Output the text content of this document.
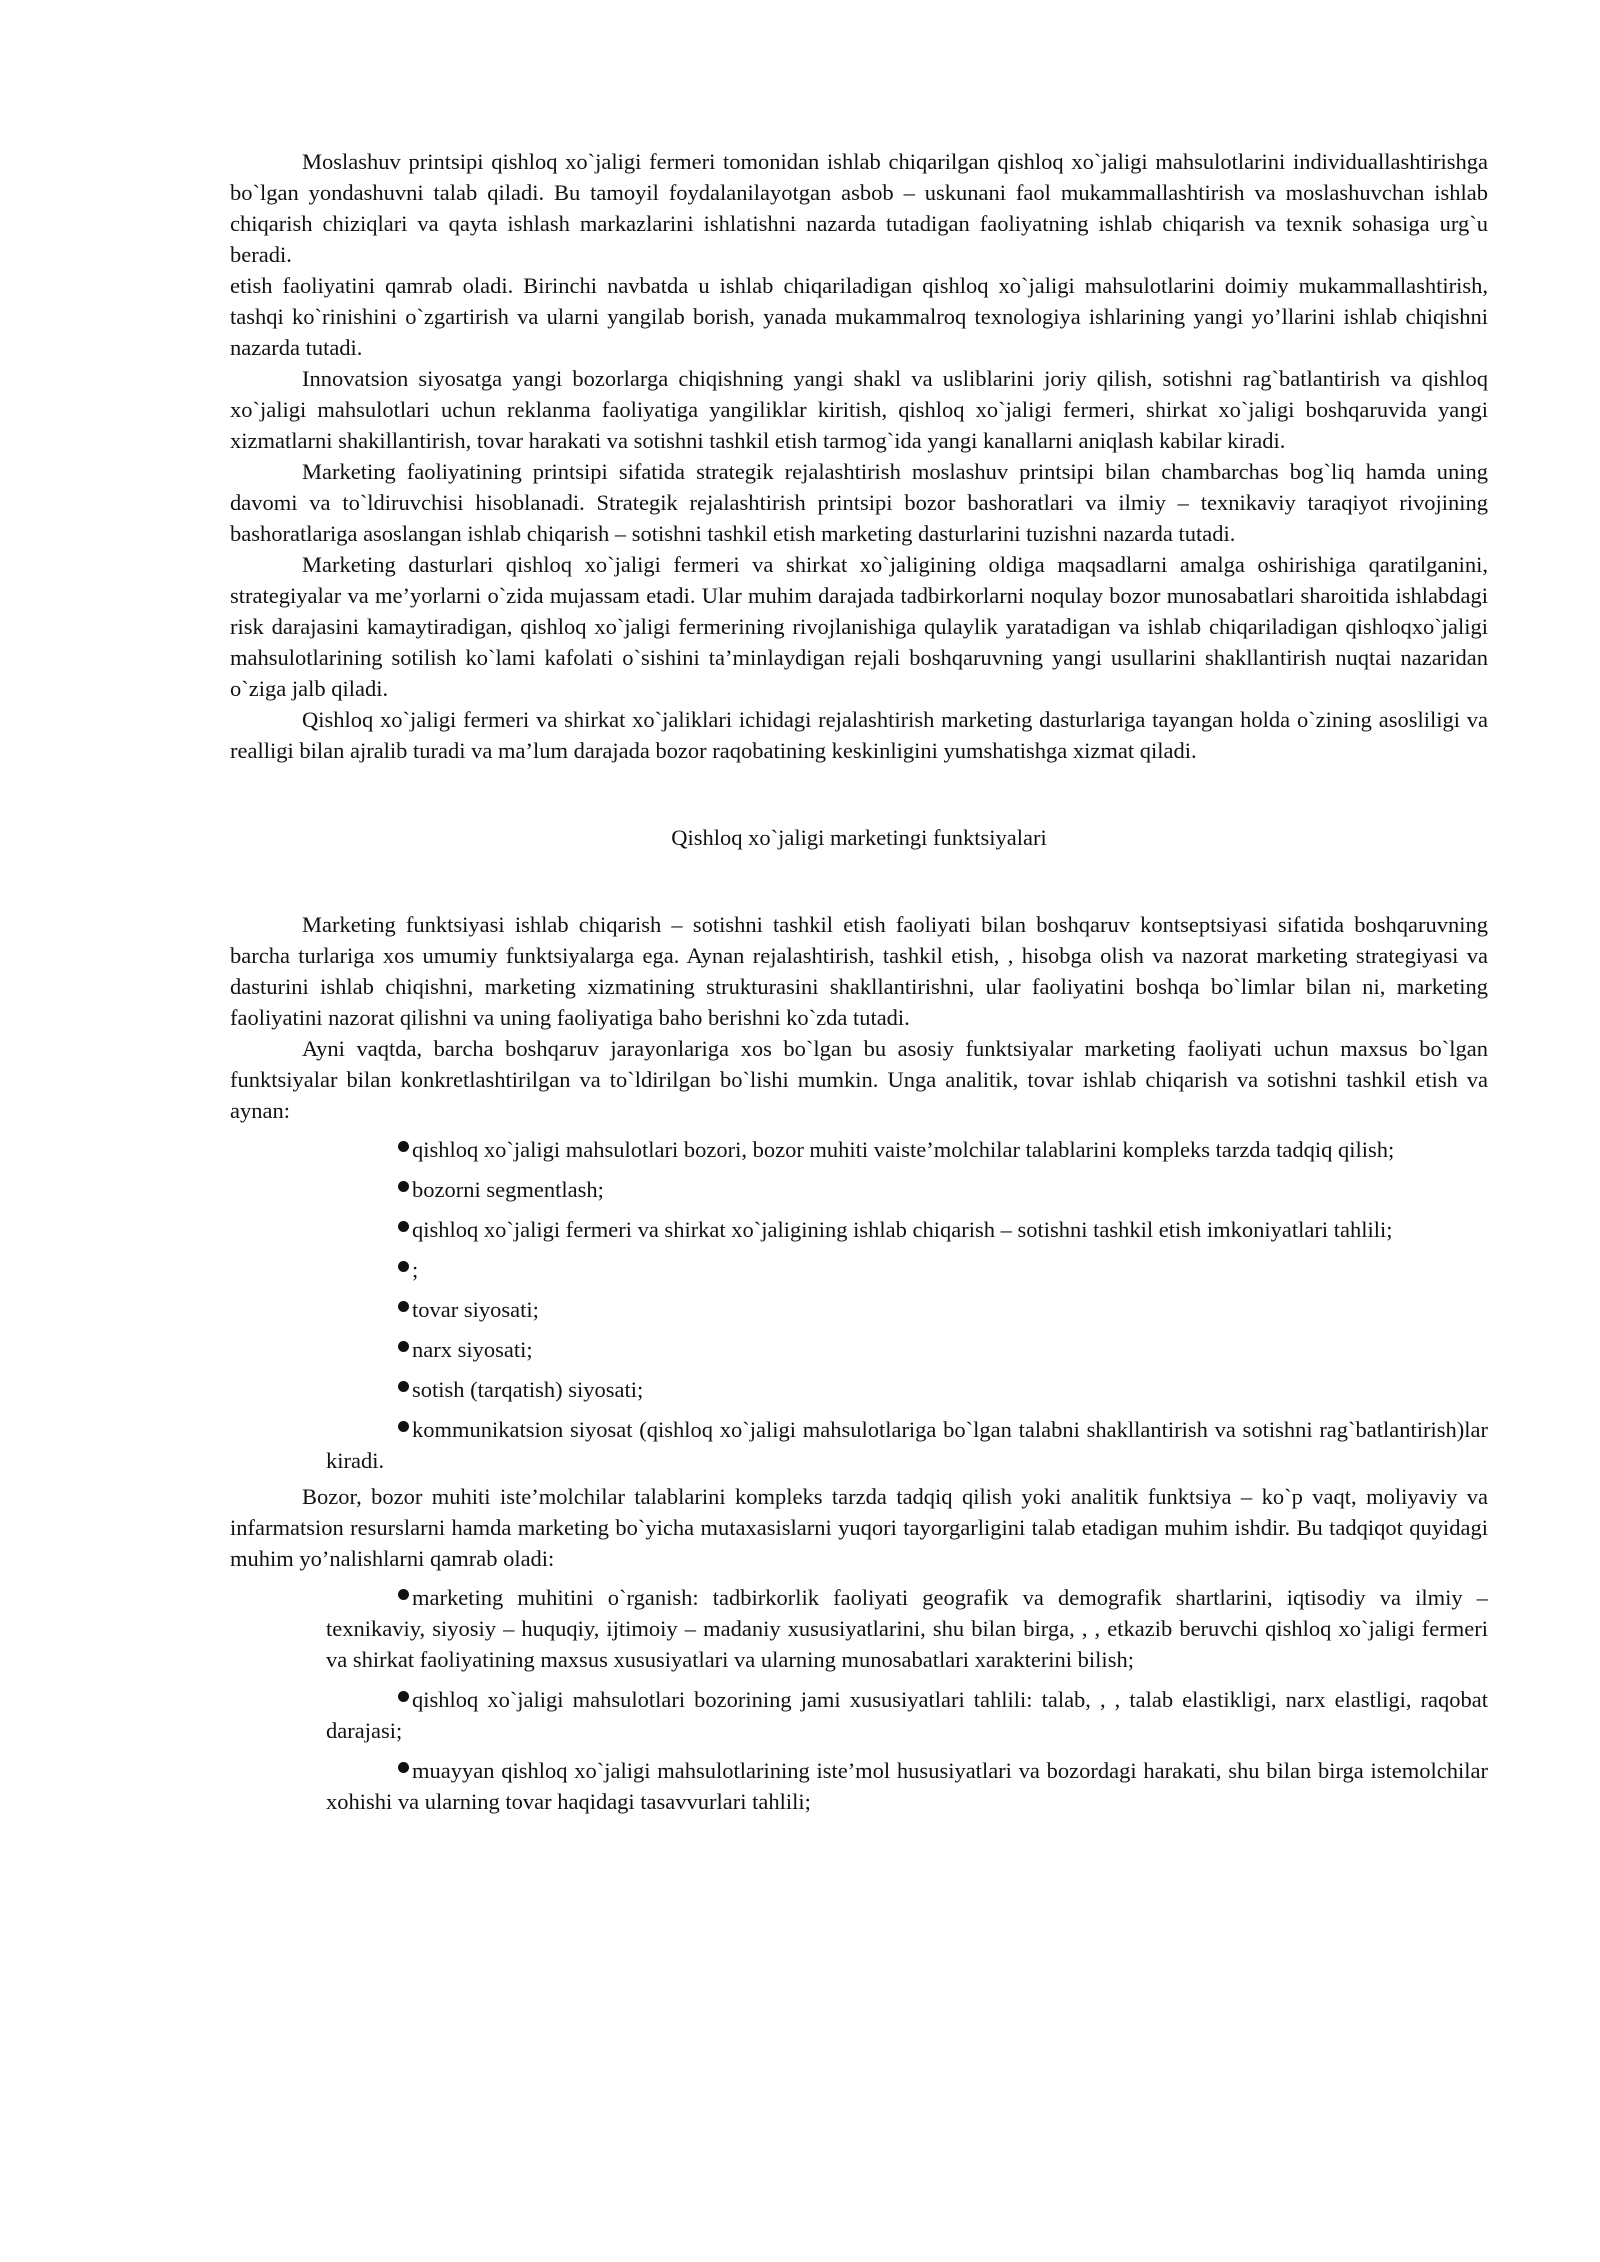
Moslashuv printsipi qishloq xo`jaligi fermeri tomonidan ishlab chiqarilgan qishloq xo`jaligi mahsulotlarini individuallashtirishga bo`lgan yondashuvni talab qiladi. Bu tamoyil foydalanilayotgan asbob – uskunani faol mukammallashtirish va moslashuvchan ishlab chiqarish chiziqlari va qayta ishlash markazlarini ishlatishni nazarda tutadigan faoliyatning ishlab chiqarish va texnik sohasiga urg`u beradi.

etish faoliyatini qamrab oladi. Birinchi navbatda u ishlab chiqariladigan qishloq xo`jaligi mahsulotlarini doimiy mukammallashtirish, tashqi ko`rinishini o`zgartirish va ularni yangilab borish, yanada mukammalroq texnologiya ishlarining yangi yo’llarini ishlab chiqishni nazarda tutadi.

Innovatsion siyosatga yangi bozorlarga chiqishning yangi shakl va usliblarini joriy qilish, sotishni rag`batlantirish va qishloq xo`jaligi mahsulotlari uchun reklanma faoliyatiga yangiliklar kiritish, qishloq xo`jaligi fermeri, shirkat xo`jaligi boshqaruvida yangi xizmatlarni shakillantirish, tovar harakati va sotishni tashkil etish tarmog`ida yangi kanallarni aniqlash kabilar kiradi.

Marketing faoliyatining printsipi sifatida strategik rejalashtirish moslashuv printsipi bilan chambarchas bog`liq hamda uning davomi va to`ldiruvchisi hisoblanadi. Strategik rejalashtirish printsipi bozor bashoratlari va ilmiy – texnikaviy taraqiyot rivojining bashoratlariga asoslangan ishlab chiqarish – sotishni tashkil etish marketing dasturlarini tuzishni nazarda tutadi.

Marketing dasturlari qishloq xo`jaligi fermeri va shirkat xo`jaligining oldiga maqsadlarni amalga oshirishiga qaratilganini, strategiyalar va me’yorlarni o`zida mujassam etadi. Ular muhim darajada tadbirkorlarni noqulay bozor munosabatlari sharoitida ishlabdagi risk darajasini kamaytiradigan, qishloq xo`jaligi fermerining rivojlanishiga qulaylik yaratadigan va ishlab chiqariladigan qishloqxo`jaligi mahsulotlarining sotilish ko`lami kafolati o`sishini ta’minlaydigan rejali boshqaruvning yangi usullarini shakllantirish nuqtai nazaridan o`ziga jalb qiladi.

Qishloq xo`jaligi fermeri va shirkat xo`jaliklari ichidagi rejalashtirish marketing dasturlariga tayangan holda o`zining asosliligi va realligi bilan ajralib turadi va ma’lum darajada bozor raqobatining keskinligini yumshatishga xizmat qiladi.

Qishloq xo`jaligi marketingi funktsiyalari

Marketing funktsiyasi ishlab chiqarish – sotishni tashkil etish faoliyati bilan boshqaruv kontseptsiyasi sifatida boshqaruvning barcha turlariga xos umumiy funktsiyalarga ega. Aynan rejalashtirish, tashkil etish, , hisobga olish va nazorat marketing strategiyasi va dasturini ishlab chiqishni, marketing xizmatining strukturasini shakllantirishni, ular faoliyatini boshqa bo`limlar bilan ni, marketing faoliyatini nazorat qilishni va uning faoliyatiga baho berishni ko`zda tutadi.

Ayni vaqtda, barcha boshqaruv jarayonlariga xos bo`lgan bu asosiy funktsiyalar marketing faoliyati uchun maxsus bo`lgan funktsiyalar bilan konkretlashtirilgan va to`ldirilgan bo`lishi mumkin. Unga analitik, tovar ishlab chiqarish va sotishni tashkil etish va aynan:

qishloq xo`jaligi mahsulotlari bozori, bozor muhiti vaiste’molchilar talablarini kompleks tarzda tadqiq qilish;
bozorni segmentlash;
qishloq xo`jaligi fermeri va shirkat xo`jaligining ishlab chiqarish – sotishni tashkil etish imkoniyatlari tahlili;
;
tovar siyosati;
narx siyosati;
sotish (tarqatish) siyosati;
kommunikatsion siyosat (qishloq xo`jaligi mahsulotlariga bo`lgan talabni shakllantirish va sotishni rag`batlantirish)lar kiradi.

Bozor, bozor muhiti iste’molchilar talablarini kompleks tarzda tadqiq qilish yoki analitik funktsiya – ko`p vaqt, moliyaviy va infarmatsion resurslarni hamda marketing bo`yicha mutaxasislarni yuqori tayorgarligini talab etadigan muhim ishdir. Bu tadqiqot quyidagi muhim yo’nalishlarni qamrab oladi:

marketing muhitini o`rganish: tadbirkorlik faoliyati geografik va demografik shartlarini, iqtisodiy va ilmiy – texnikaviy, siyosiy – huquqiy, ijtimoiy – madaniy xususiyatlarini, shu bilan birga, , , etkazib beruvchi qishloq xo`jaligi fermeri va shirkat faoliyatining maxsus xususiyatlari va ularning munosabatlari xarakterini bilish;
qishloq xo`jaligi mahsulotlari bozorining jami xususiyatlari tahlili: talab, , , talab elastikligi, narx elastligi, raqobat darajasi;
muayyan qishloq xo`jaligi mahsulotlarining iste’mol hususiyatlari va bozordagi harakati, shu bilan birga istemolchilar xohishi va ularning tovar haqidagi tasavvurlari tahlili;
